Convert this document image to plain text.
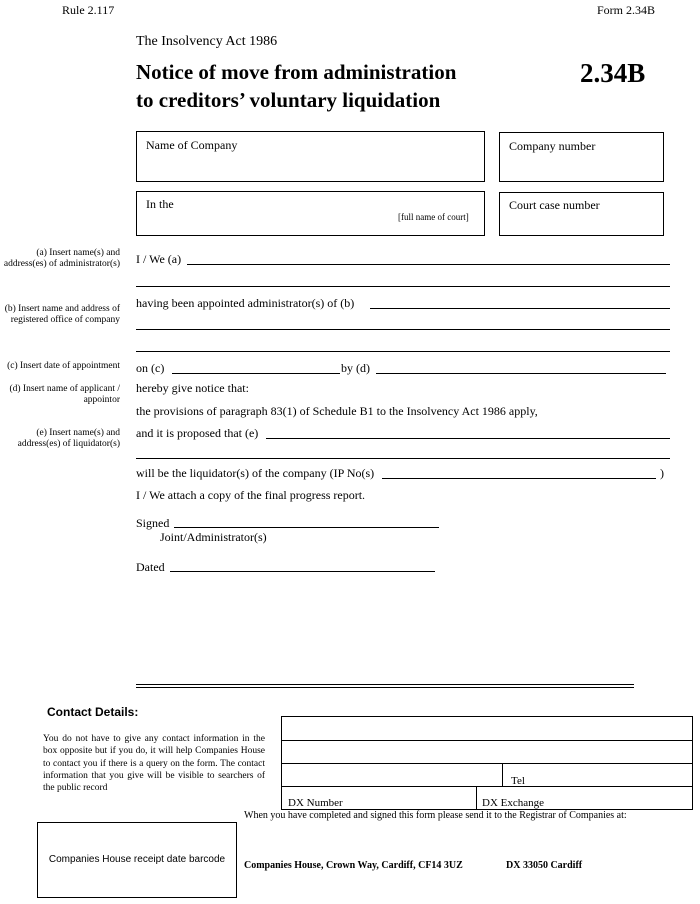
Rule 2.117	Form 2.34B
The Insolvency Act 1986
Notice of move from administration
to creditors’ voluntary liquidation
2.34B
Name of Company	Company number
In the
[full name of court]
Court case number
(a) Insert name(s) and address(es) of administrator(s)
(b) Insert name and address of registered office of company
(c) Insert date of appointment
(d) Insert name of applicant / appointor
(e) Insert name(s) and address(es) of liquidator(s)
I / We (a)
having been appointed administrator(s) of (b)
on (c)	by (d)
hereby give notice that:
the provisions of paragraph 83(1) of Schedule B1 to the Insolvency Act 1986 apply,
and it is proposed that (e)
will be the liquidator(s) of the company (IP No(s)	)
I / We attach a copy of the final progress report.
Signed
Joint/Administrator(s)
Dated
Contact Details:
You do not have to give any contact information in the box opposite but if you do, it will help Companies House to contact you if there is a query on the form. The contact information that you give will be visible to searchers of the public record
Tel
DX Number	DX Exchange
Companies House receipt date barcode
When you have completed and signed this form please send it to the Registrar of Companies at:
Companies House, Crown Way, Cardiff, CF14 3UZ	DX 33050 Cardiff
